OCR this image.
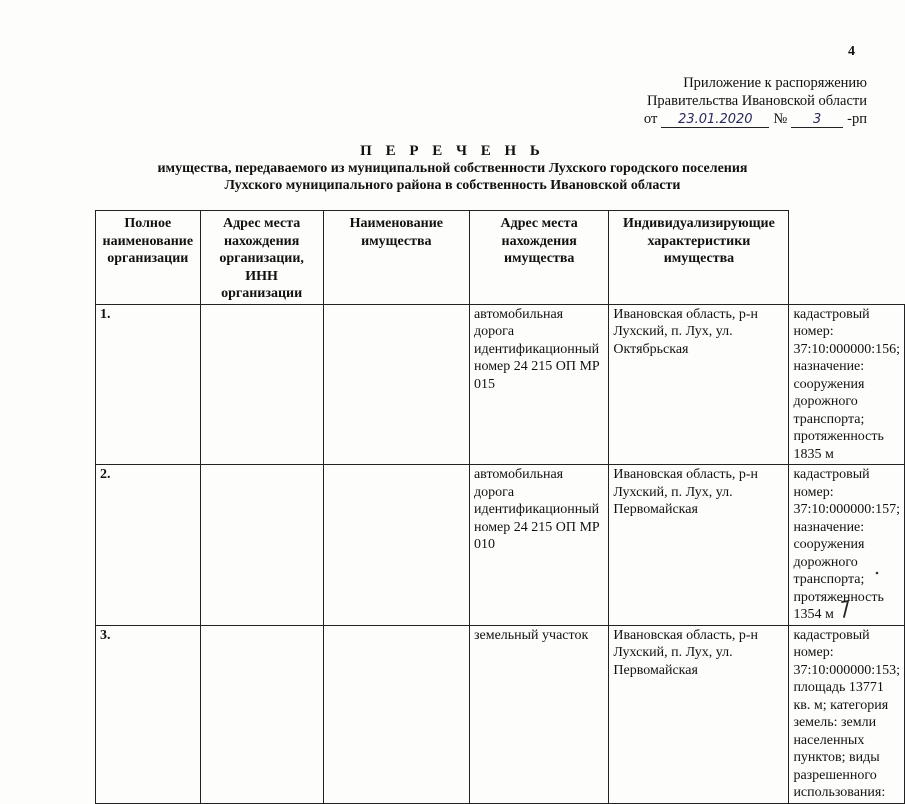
4
Приложение к распоряжению
Правительства Ивановской области
от	23.01.2020	№	3	-рп
П Е Р Е Ч Е Н Ь
имущества, передаваемого из муниципальной собственности Лухского городского поселения
Лухского муниципального района в собственность Ивановской области
Полное наименование организации	Адрес места нахождения организации, ИНН организации	Наименование имущества	Адрес места нахождения имущества	Индивидуализирующие характеристики имущества	
1.			автомобильная дорога идентификационный номер 24 215 ОП МР 015	Ивановская область, р-н Лухский, п. Лух, ул. Октябрьская	кадастровый номер: 37:10:000000:156; назначение: сооружения дорожного транспорта; протяженность 1835 м
2.			автомобильная дорога идентификационный номер 24 215 ОП МР 010	Ивановская область, р-н Лухский, п. Лух, ул. Первомайская	кадастровый номер: 37:10:000000:157; назначение: сооружения дорожного транспорта; протяженность 1354 м
3.			земельный участок	Ивановская область, р-н Лухский, п. Лух, ул. Первомайская	кадастровый номер: 37:10:000000:153; площадь 13771 кв. м; категория земель: земли населенных пунктов; виды разрешенного использования:
